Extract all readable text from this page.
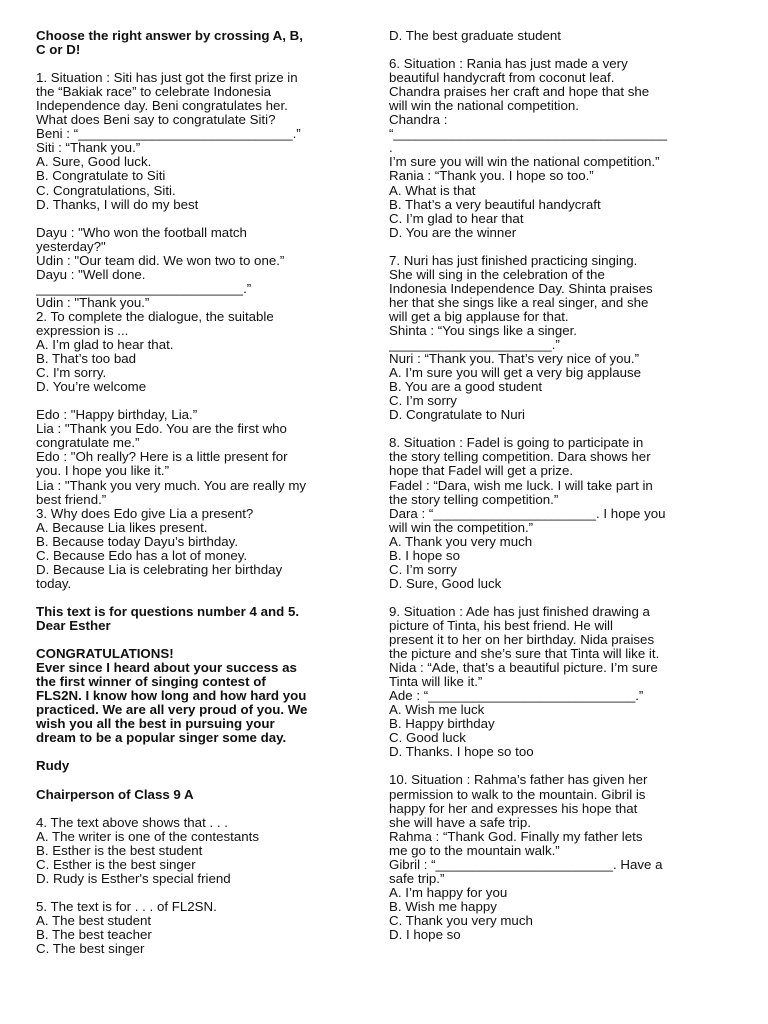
Choose the right answer by crossing A, B,

C or D!

1. Situation : Siti has just got the first prize in

the “Bakiak race” to celebrate Indonesia

Independence day. Beni congratulates her.

What does Beni say to congratulate Siti?

Beni : “_____________________________.”

Siti : “Thank you.”

A. Sure, Good luck.

B. Congratulate to Siti

C. Congratulations, Siti.

D. Thanks, I will do my best

Dayu : "Who won the football match

yesterday?"

Udin : "Our team did. We won two to one.”

Dayu : "Well done.

____________________________.”

Udin : "Thank you.”

2. To complete the dialogue, the suitable

expression is ...

A. I’m glad to hear that.

B. That’s too bad

C. I'm sorry.

D. You’re welcome

Edo : "Happy birthday, Lia.”

Lia : "Thank you Edo. You are the first who

congratulate me.”

Edo : "Oh really? Here is a little present for

you. I hope you like it.”

Lia : "Thank you very much. You are really my

best friend.”

3. Why does Edo give Lia a present?

A. Because Lia likes present.

B. Because today Dayu’s birthday.

C. Because Edo has a lot of money.

D. Because Lia is celebrating her birthday

today.

This text is for questions number 4 and 5.

Dear Esther

CONGRATULATIONS!

Ever since I heard about your success as

the first winner of singing contest of

FLS2N. I know how long and how hard you

practiced. We are all very proud of you. We

wish you all the best in pursuing your

dream to be a popular singer some day.

Rudy

Chairperson of Class 9 A

4. The text above shows that . . .

A. The writer is one of the contestants

B. Esther is the best student

C. Esther is the best singer

D. Rudy is Esther's special friend

5. The text is for . . . of FL2SN.

A. The best student

B. The best teacher

C. The best singer

D. The best graduate student

6. Situation : Rania has just made a very

beautiful handycraft from coconut leaf.

Chandra praises her craft and hope that she

will win the national competition.

Chandra :

“_____________________________________

.

I’m sure you will win the national competition.”

Rania : “Thank you. I hope so too.”

A. What is that

B. That’s a very beautiful handycraft

C. I’m glad to hear that

D. You are the winner

7. Nuri has just finished practicing singing.

She will sing in the celebration of the

Indonesia Independence Day. Shinta praises

her that she sings like a real singer, and she

will get a big applause for that.

Shinta : “You sings like a singer.

______________________.”

Nuri : “Thank you. That’s very nice of you.”

A. I’m sure you will get a very big applause

B. You are a good student

C. I’m sorry

D. Congratulate to Nuri

8. Situation : Fadel is going to participate in

the story telling competition. Dara shows her

hope that Fadel will get a prize.

Fadel : “Dara, wish me luck. I will take part in

the story telling competition.”

Dara : “______________________. I hope you

will win the competition.”

A. Thank you very much

B. I hope so

C. I’m sorry

D. Sure, Good luck

9. Situation : Ade has just finished drawing a

picture of Tinta, his best friend. He will

present it to her on her birthday. Nida praises

the picture and she’s sure that Tinta will like it.

Nida : “Ade, that’s a beautiful picture. I’m sure

Tinta will like it.”

Ade : “____________________________.”

A. Wish me luck

B. Happy birthday

C. Good luck

D. Thanks. I hope so too

10. Situation : Rahma’s father has given her

permission to walk to the mountain. Gibril is

happy for her and expresses his hope that

she will have a safe trip.

Rahma : “Thank God. Finally my father lets

me go to the mountain walk.”

Gibril : “________________________. Have a

safe trip.”

A. I’m happy for you

B. Wish me happy

C. Thank you very much

D. I hope so
